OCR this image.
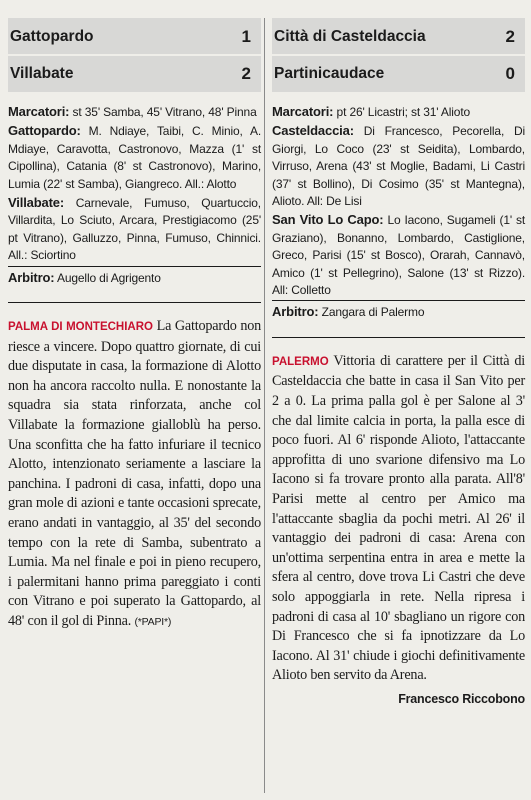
Gattopardo	1
Villabate	2

Marcatori: st 35' Samba, 45' Vitrano, 48' Pinna

Gattopardo: M. Ndiaye, Taibi, C. Minio, A. Mdiaye, Caravotta, Castronovo, Mazza (1' st Cipollina), Catania (8' st Castronovo), Marino, Lumia (22' st Samba), Giangreco. All.: Alotto

Villabate: Carnevale, Fumuso, Quartuccio, Villardita, Lo Sciuto, Arcara, Prestigiacomo (25' pt Vitrano), Galluzzo, Pinna, Fumuso, Chinnici. All.: Sciortino

Arbitro: Augello di Agrigento

PALMA DI MONTECHIARO La Gattopardo non riesce a vincere. Dopo quattro giornate, di cui due disputate in casa, la formazione di Alotto non ha ancora raccolto nulla. E nonostante la squadra sia stata rinforzata, anche col Villabate la formazione gialloblù ha perso. Una sconfitta che ha fatto infuriare il tecnico Alotto, intenzionato seriamente a lasciare la panchina. I padroni di casa, infatti, dopo una gran mole di azioni e tante occasioni sprecate, erano andati in vantaggio, al 35' del secondo tempo con la rete di Samba, subentrato a Lumia. Ma nel finale e poi in pieno recupero, i palermitani hanno prima pareggiato i conti con Vitrano e poi superato la Gattopardo, al 48' con il gol di Pinna. (*PAPI*)
Città di Casteldaccia	2
Partinicaudace	0

Marcatori: pt 26' Licastri; st 31' Alioto

Casteldaccia: Di Francesco, Pecorella, Di Giorgi, Lo Coco (23' st Seidita), Lombardo, Virruso, Arena (43' st Moglie, Badami, Li Castri (37' st Bollino), Di Cosimo (35' st Mantegna), Alioto. All: De Lisi

San Vito Lo Capo: Lo Iacono, Sugameli (1' st Graziano), Bonanno, Lombardo, Castiglione, Greco, Parisi (15' st Bosco), Orarah, Cannavò, Amico (1' st Pellegrino), Salone (13' st Rizzo). All: Colletto

Arbitro: Zangara di Palermo

PALERMO Vittoria di carattere per il Città di Casteldaccia che batte in casa il San Vito per 2 a 0. La prima palla gol è per Salone al 3' che dal limite calcia in porta, la palla esce di poco fuori. Al 6' risponde Alioto, l'attaccante approfitta di uno svarione difensivo ma Lo Iacono si fa trovare pronto alla parata. All'8' Parisi mette al centro per Amico ma l'attaccante sbaglia da pochi metri. Al 26' il vantaggio dei padroni di casa: Arena con un'ottima serpentina entra in area e mette la sfera al centro, dove trova Li Castri che deve solo appoggiarla in rete. Nella ripresa i padroni di casa al 10' sbagliano un rigore con Di Francesco che si fa ipnotizzare da Lo Iacono. Al 31' chiude i giochi definitivamente Alioto ben servito da Arena.
Francesco Riccobono
